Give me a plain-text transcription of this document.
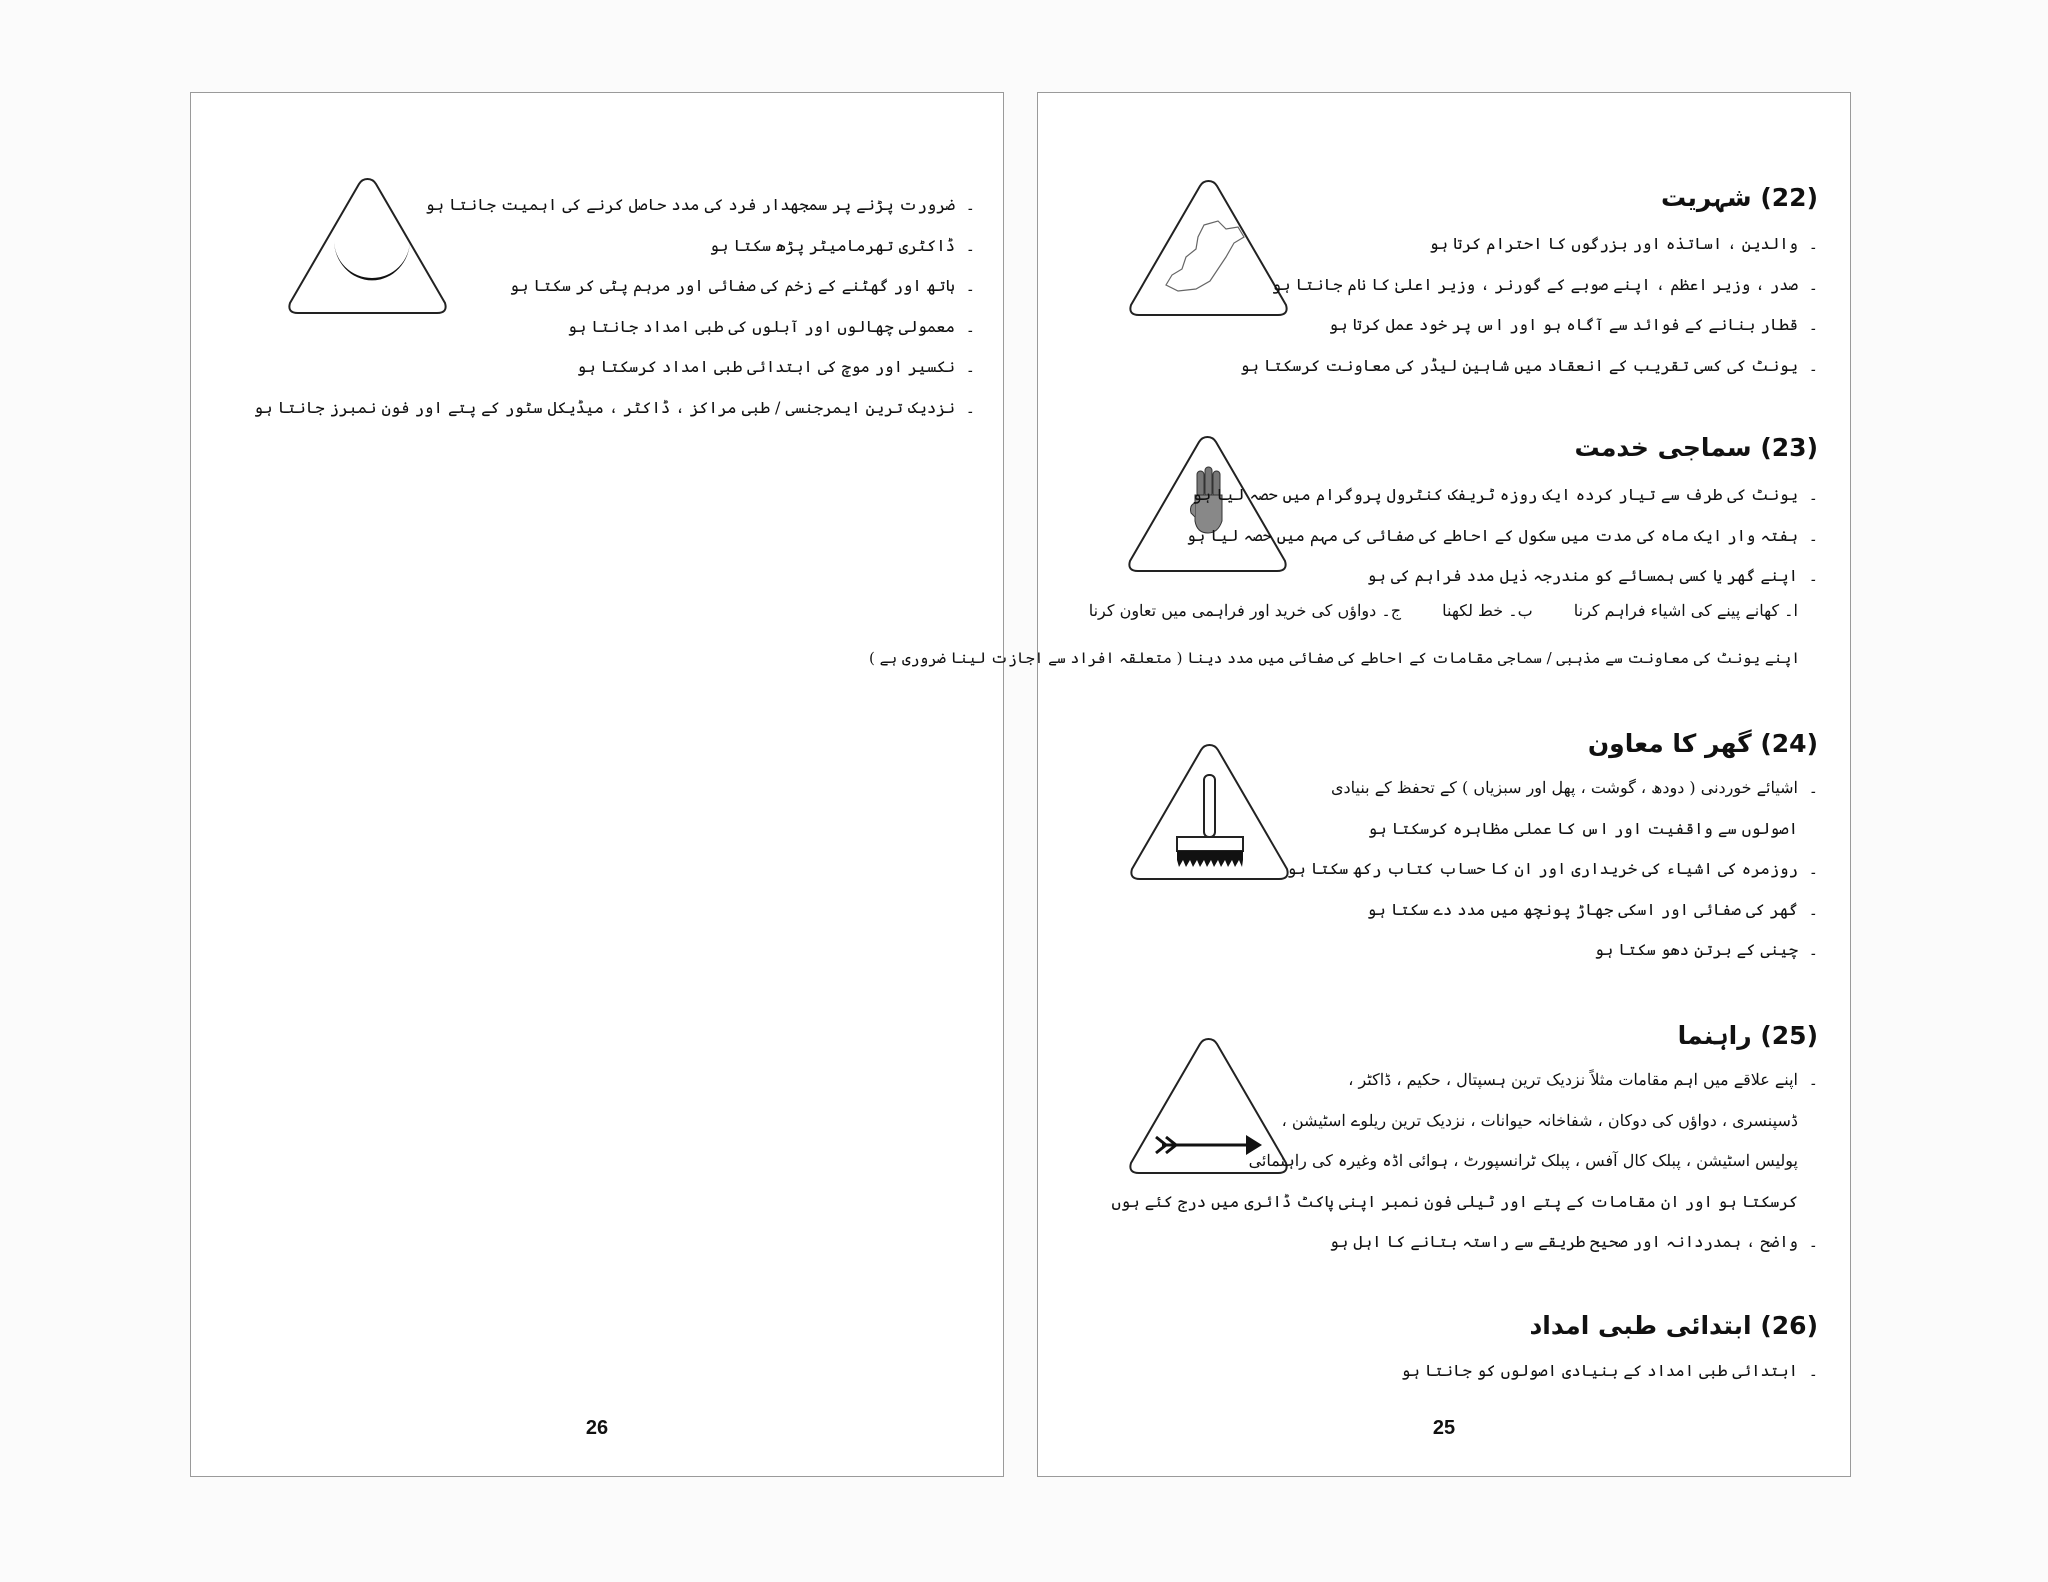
۔ضرورت پڑنے پر سمجھدار فرد کی مدد حاصل کرنے کی اہمیت جانتا ہو
۔ڈاکٹری تھرمامیٹر پڑھ سکتا ہو
۔ہاتھ اور گھٹنے کے زخم کی صفائی اور مرہم پٹی کر سکتا ہو
۔معمولی چھالوں اور آبلوں کی طبی امداد جانتا ہو
۔نکسیر اور موچ کی ابتدائی طبی امداد کرسکتا ہو
۔نزدیک ترین ایمرجنسی / طبی مراکز ، ڈاکٹر ، میڈیکل سٹور کے پتے اور فون نمبرز جانتا ہو
26
(22) شہریت
۔والدین ، اساتذہ اور بزرگوں کا احترام کرتا ہو
۔صدر ، وزیر اعظم ، اپنے صوبے کے گورنر ، وزیر اعلیٰ کا نام جانتا ہو
۔قطار بنانے کے فوائد سے آگاہ ہو اور اس پر خود عمل کرتا ہو
۔یونٹ کی کسی تقریب کے انعقاد میں شاہین لیڈر کی معاونت کرسکتا ہو
(23) سماجی خدمت
۔یونٹ کی طرف سے تیار کردہ ایک روزہ ٹریفک کنٹرول پروگرام میں حصہ لیا ہو
۔ہفتہ وار ایک ماہ کی مدت میں سکول کے احاطے کی صفائی کی مہم میں حصہ لیا ہو
۔اپنے گھر یا کسی ہمسائے کو مندرجہ ذیل مدد فراہم کی ہو
ا۔ کھانے پینے کی اشیاء فراہم کرنا ب۔ خط لکھنا ج۔ دواؤں کی خرید اور فراہمی میں تعاون کرنا
اپنے یونٹ کی معاونت سے مذہبی / سماجی مقامات کے احاطے کی صفائی میں مدد دینا ( متعلقہ افراد سے اجازت لینا ضروری ہے )
(24) گھر کا معاون
۔اشیائے خوردنی ( دودھ ، گوشت ، پھل اور سبزیاں ) کے تحفظ کے بنیادی
اصولوں سے واقفیت اور اس کا عملی مظاہرہ کرسکتا ہو
۔روزمرہ کی اشیاء کی خریداری اور ان کا حساب کتاب رکھ سکتا ہو
۔گھر کی صفائی اور اسکی جھاڑ پونچھ میں مدد دے سکتا ہو
۔چینی کے برتن دھو سکتا ہو
(25) راہنما
۔اپنے علاقے میں اہم مقامات مثلاً نزدیک ترین ہسپتال ، حکیم ، ڈاکٹر ،
ڈسپنسری ، دواؤں کی دوکان ، شفاخانہ حیوانات ، نزدیک ترین ریلوے اسٹیشن ،
پولیس اسٹیشن ، پبلک کال آفس ، پبلک ٹرانسپورٹ ، ہوائی اڈہ وغیرہ کی راہنمائی
کرسکتا ہو اور ان مقامات کے پتے اور ٹیلی فون نمبر اپنی پاکٹ ڈائری میں درج کئے ہوں
۔واضح ، ہمدردانہ اور صحیح طریقے سے راستہ بتانے کا اہل ہو
(26) ابتدائی طبی امداد
۔ابتدائی طبی امداد کے بنیادی اصولوں کو جانتا ہو
25
